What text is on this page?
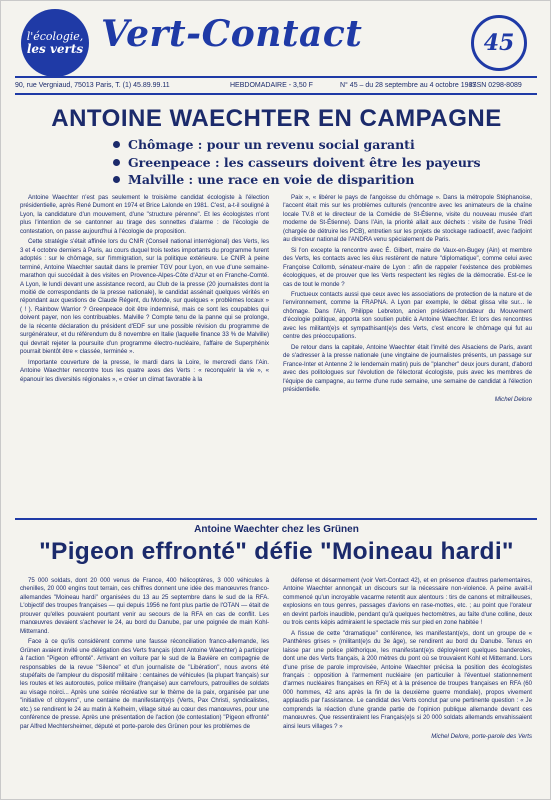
l'écologie,
les verts Vert-Contact	45
90, rue Vergniaud, 75013 Paris, T. (1) 45.89.99.11	HEBDOMADAIRE - 3,50 F	N° 45 – du 28 septembre au 4 octobre 1987
ISSN 0298-8089
ANTOINE WAECHTER EN CAMPAGNE
Chômage : pour un revenu social garanti
Greenpeace : les casseurs doivent être les payeurs
Malville : une race en voie de disparition

Antoine Waechter n'est pas seulement le troisième candidat écologiste à l'élection présidentielle, après René Dumont en 1974 et Brice Lalonde en 1981. C'est, a-t-il souligné à Lyon, la candidature d'un mouvement, d'une "structure pérenne". Et les écologistes n'ont plus l'intention de se cantonner au tirage des sonnettes d'alarme : de l'écologie de contestation, on passe aujourd'hui à l'écologie de proposition.

Cette stratégie s'était affinée lors du CNIR (Conseil national interrégional) des Verts, les 3 et 4 octobre derniers à Paris, au cours duquel trois textes importants du programme furent adoptés : sur le chômage, sur l'immigration, sur la politique extérieure. Le CNIR à peine terminé, Antoine Waechter sautait dans le premier TGV pour Lyon, en vue d'une semaine-marathon qui succédait à des visites en Provence-Alpes-Côte d'Azur et en Franche-Comté. A Lyon, le lundi devant une assistance record, au Club de la presse (20 journalistes dont la moitié de correspondants de la presse nationale), le candidat assénait quelques vérités en répondant aux questions de Claude Régent, du Monde, sur quelques « problèmes locaux » ( ! ). Rainbow Warrior ? Greenpeace doit être indemnisé, mais ce sont les coupables qui doivent payer, non les contribuables. Malville ? Compte tenu de la panne qui se prolonge, de la récente déclaration du président d'EDF sur une possible révision du programme de surgénérateur, et du référendum du 8 novembre en Italie (laquelle finance 33 % de Malville) qui devrait rejeter la poursuite d'un programme électro-nucléaire, l'affaire de Superphénix pourrait bientôt être « classée, terminée ».

Importante couverture de la presse, le mardi dans la Loire, le mercredi dans l'Ain. Antoine Waechter rencontre tous les quatre axes des Verts : « reconquérir la vie », « épanouir les diversités régionales », « créer un climat favorable à la

Paix », « libérer le pays de l'angoisse du chômage ». Dans la métropole Stéphanoise, l'accent était mis sur les problèmes culturels (rencontre avec les animateurs de la chaîne locale TV.8 et le directeur de la Comédie de St-Étienne, visite du nouveau musée d'art moderne de St-Étienne). Dans l'Ain, la priorité allait aux déchets : visite de l'usine Trédi (chargée de détruire les PCB), entretien sur les projets de stockage radioactif, avec l'adjoint au directeur national de l'ANDRA venu spécialement de Paris.

Si l'on excepte la rencontre avec É. Gilbert, maire de Vaux-en-Bugey (Ain) et membre des Verts, les contacts avec les élus restèrent de nature "diplomatique", comme celui avec Françoise Collomb, sénateur-maire de Lyon : afin de rappeler l'existence des problèmes écologiques, et de prouver que les Verts respectent les règles de la démocratie. Est-ce le cas de tout le monde ?

Fructueux contacts aussi que ceux avec les associations de protection de la nature et de l'environnement, comme la FRAPNA. A Lyon par exemple, le débat glissa vite sur... le chômage. Dans l'Ain, Philippe Lebreton, ancien président-fondateur du Mouvement d'écologie politique, apporta son soutien public à Antoine Waechter. Et lors des rencontres avec les militant(e)s et sympathisant(e)s des Verts, c'est encore le chômage qui fut au centre des préoccupations.

De retour dans la capitale, Antoine Waechter était l'invité des Alsaciens de Paris, avant de s'adresser à la presse nationale (une vingtaine de journalistes présents, un passage sur France-Inter et Antenne 2 le lendemain matin) puis de "plancher" deux jours durant, d'abord avec des politologues sur l'évolution de l'électorat écologiste, puis avec les membres de l'équipe de campagne, au terme d'une rude semaine, une semaine de candidat à l'élection présidentielle.

Michel Delore
Antoine Waechter chez les Grünen
"Pigeon effronté" défie "Moineau hardi"

75 000 soldats, dont 20 000 venus de France, 400 hélicoptères, 3 000 véhicules à chenilles, 20 000 engins tout terrain, ces chiffres donnent une idée des manœuvres franco-allemandes "Moineau hardi" organisées du 13 au 25 septembre dans le sud de la RFA. L'objectif des troupes françaises — qui depuis 1956 ne font plus partie de l'OTAN — était de prouver qu'elles pouvaient pourtant venir au secours de la RFA en cas de conflit. Les manœuvres devaient s'achever le 24, au bord du Danube, par une poignée de main Kohl-Mitterrand.

Face à ce qu'ils considèrent comme une fausse réconciliation franco-allemande, les Grünen avaient invité une délégation des Verts français (dont Antoine Waechter) à participer à l'action "Pigeon effronté". Arrivant en voiture par le sud de la Bavière en compagnie de responsables de la revue "Silence" et d'un journaliste de "Libération", nous avons été stupéfaits de l'ampleur du dispositif militaire : centaines de véhicules (la plupart français) sur les routes et les autoroutes, police militaire (française) aux carrefours, patrouilles de soldats au visage noirci... Après une soirée récréative sur le thème de la paix, organisée par une "initiative of citoyens", une centaine de manifestant(e)s (Verts, Pax Christi, syndicalistes, etc.) se rendirent le 24 au matin à Kelheim, village situé au cœur des manœuvres, pour une conférence de presse. Après une présentation de l'action (de contestation) "Pigeon effronté" par Alfred Mechtersheimer, député et porte-parole des Grünen pour les problèmes de

défense et désarmement (voir Vert-Contact 42), et en présence d'autres parlementaires, Antoine Waechter annonçait un discours sur la nécessaire non-violence. A peine avait-il commencé qu'un incroyable vacarme retentit aux alentours : tirs de canons et mitrailleuses, explosions en tous genres, passages d'avions en rase-mottes, etc. ; au point que l'orateur en devint parfois inaudible, pendant qu'à quelques hectomètres, au faîte d'une colline, deux ou trois cents képis admiraient le spectacle mis sur pied en zone habitée !

A l'issue de cette "dramatique" conférence, les manifestant(e)s, dont un groupe de « Panthères grises » (militant(e)s du 3e âge), se rendirent au bord du Danube. Tenus en laisse par une police pléthorique, les manifestant(e)s déployèrent quelques banderoles, dont une des Verts français, à 200 mètres du pont où se trouvaient Kohl et Mitterrand. Lors d'une prise de parole improvisée, Antoine Waechter précisa la position des écologistes français : opposition à l'armement nucléaire (en particulier à l'éventuel stationnement d'armes nucléaires françaises en RFA) et à la présence de troupes françaises en RFA (60 000 hommes, 42 ans après la fin de la deuxième guerre mondiale), propos vivement applaudis par l'assistance. Le candidat des Verts conclut par une pertinente question : « Je comprends la réaction d'une grande partie de l'opinion publique allemande devant ces manœuvres. Que ressentiraient les Français(e)s si 20 000 soldats allemands envahissaient ainsi leurs villages ? »

Michel Delore, porte-parole des Verts
